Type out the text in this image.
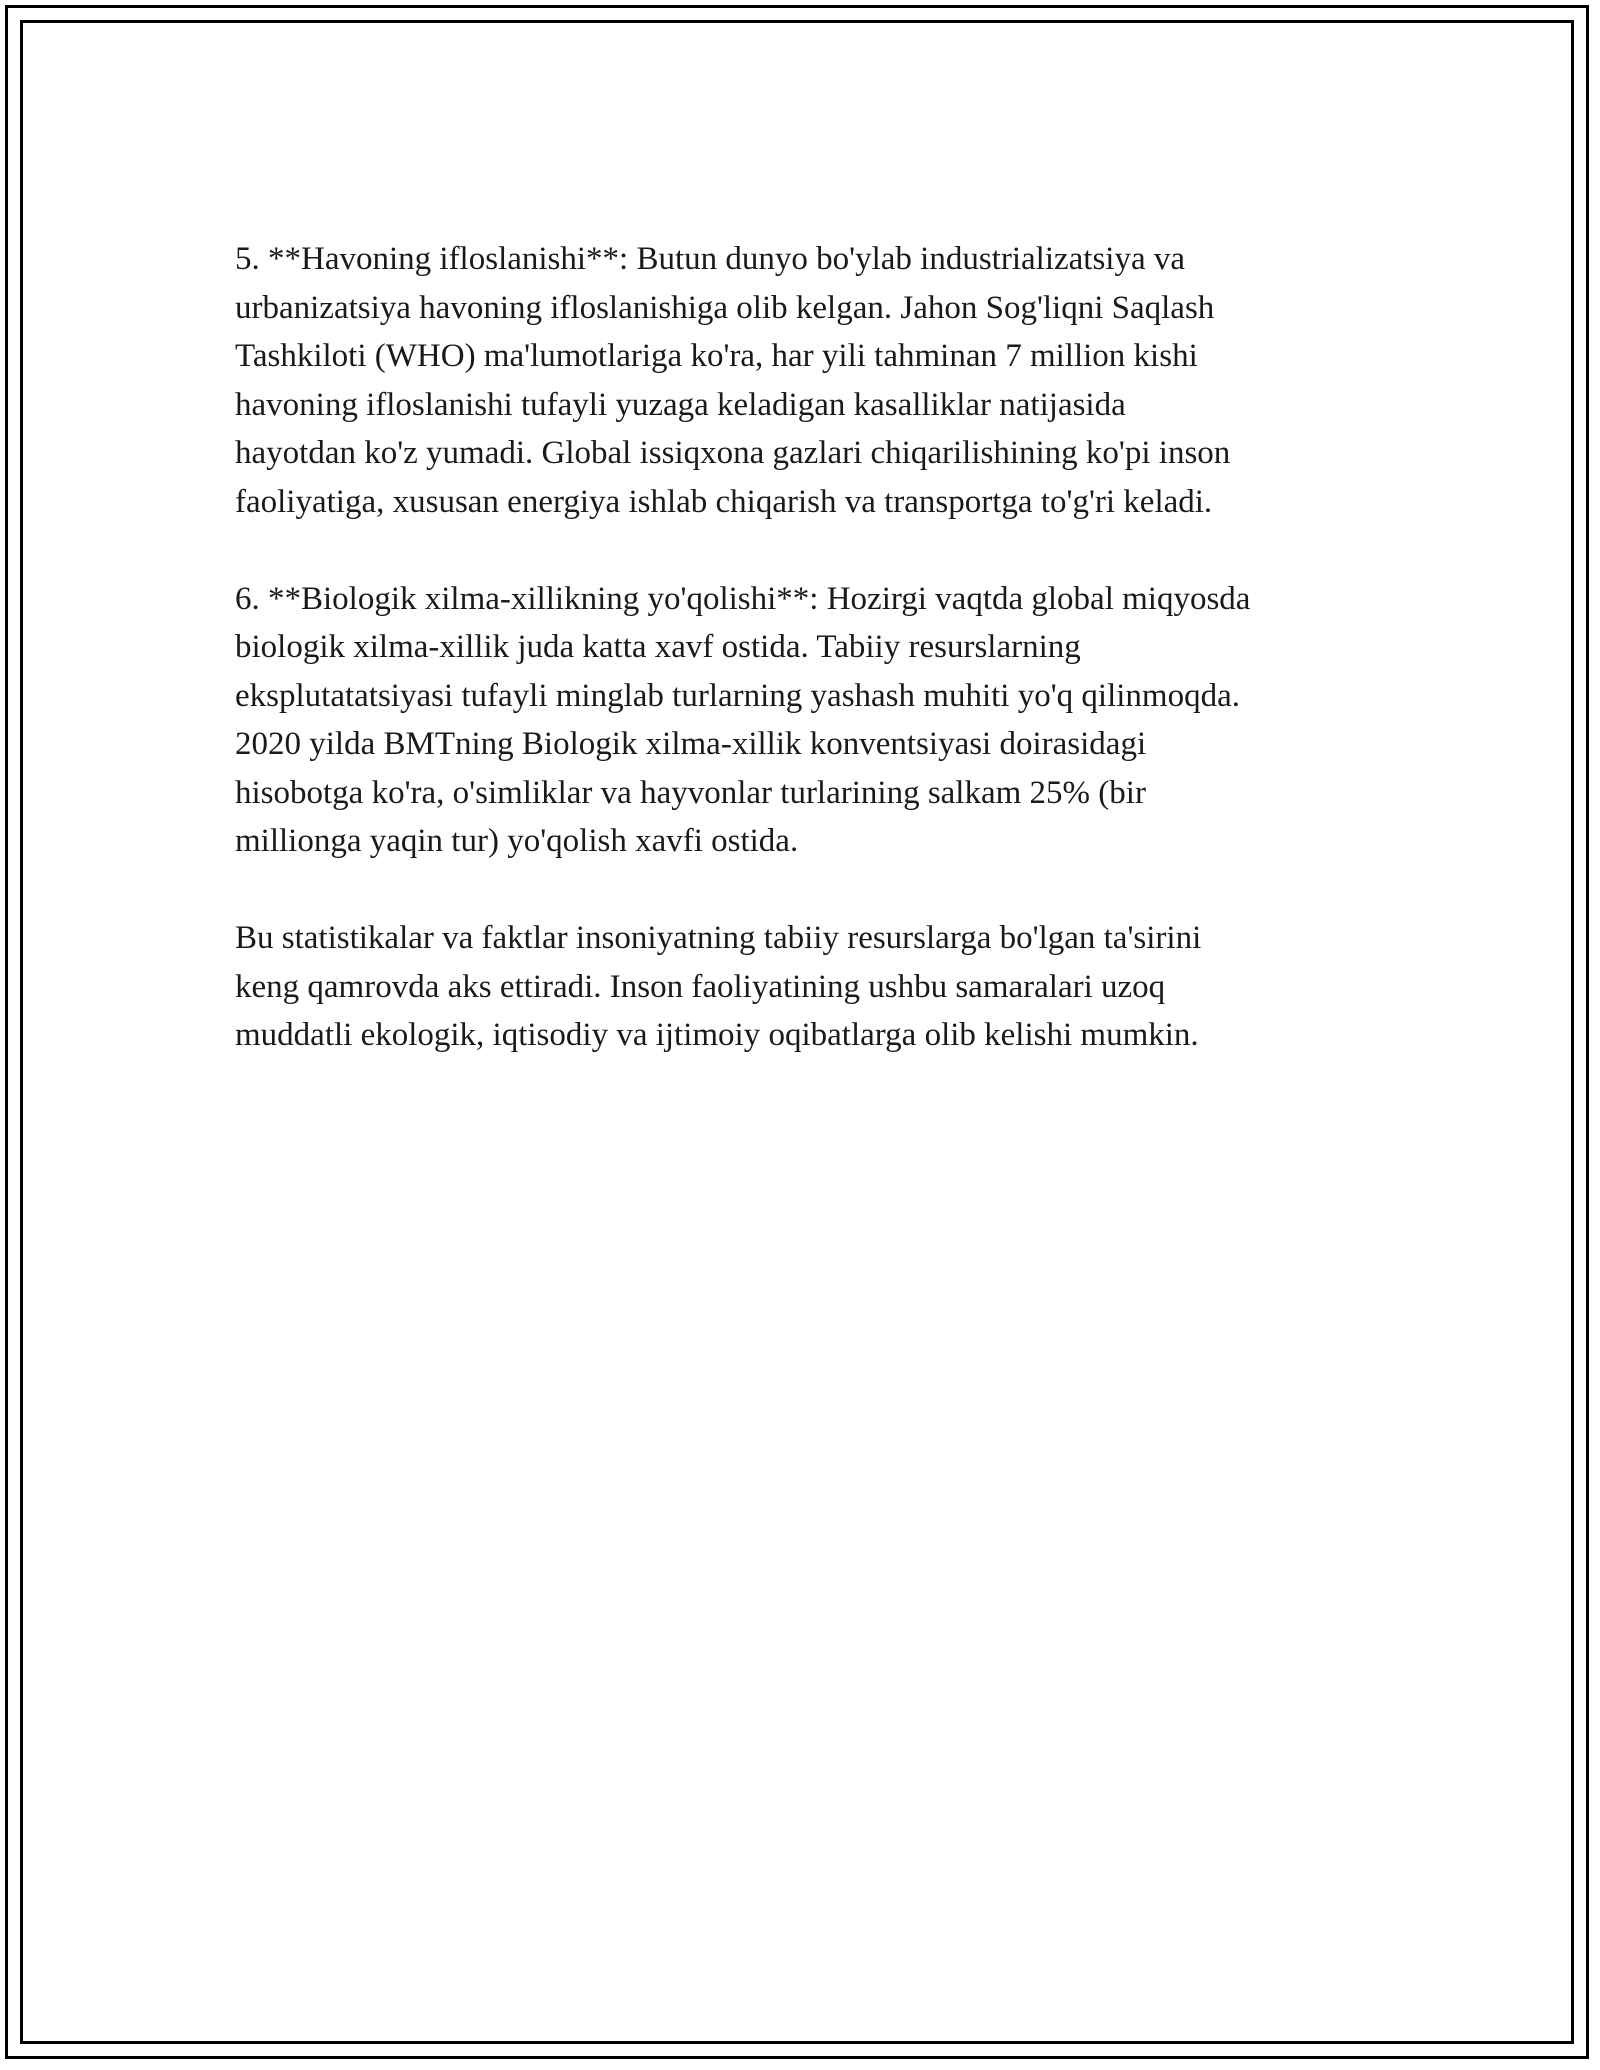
5. **Havoning ifloslanishi**: Butun dunyo bo'ylab industrializatsiya va
urbanizatsiya havoning ifloslanishiga olib kelgan. Jahon Sog'liqni Saqlash
Tashkiloti (WHO) ma'lumotlariga ko'ra, har yili tahminan 7 million kishi
havoning ifloslanishi tufayli yuzaga keladigan kasalliklar natijasida
hayotdan ko'z yumadi. Global issiqxona gazlari chiqarilishining ko'pi inson
faoliyatiga, xususan energiya ishlab chiqarish va transportga to'g'ri keladi.

6. **Biologik xilma-xillikning yo'qolishi**: Hozirgi vaqtda global miqyosda
biologik xilma-xillik juda katta xavf ostida. Tabiiy resurslarning
eksplutatatsiyasi tufayli minglab turlarning yashash muhiti yo'q qilinmoqda.
2020 yilda BMTning Biologik xilma-xillik konventsiyasi doirasidagi
hisobotga ko'ra, o'simliklar va hayvonlar turlarining salkam 25% (bir
millionga yaqin tur) yo'qolish xavfi ostida.

Bu statistikalar va faktlar insoniyatning tabiiy resurslarga bo'lgan ta'sirini
keng qamrovda aks ettiradi. Inson faoliyatining ushbu samaralari uzoq
muddatli ekologik, iqtisodiy va ijtimoiy oqibatlarga olib kelishi mumkin.
